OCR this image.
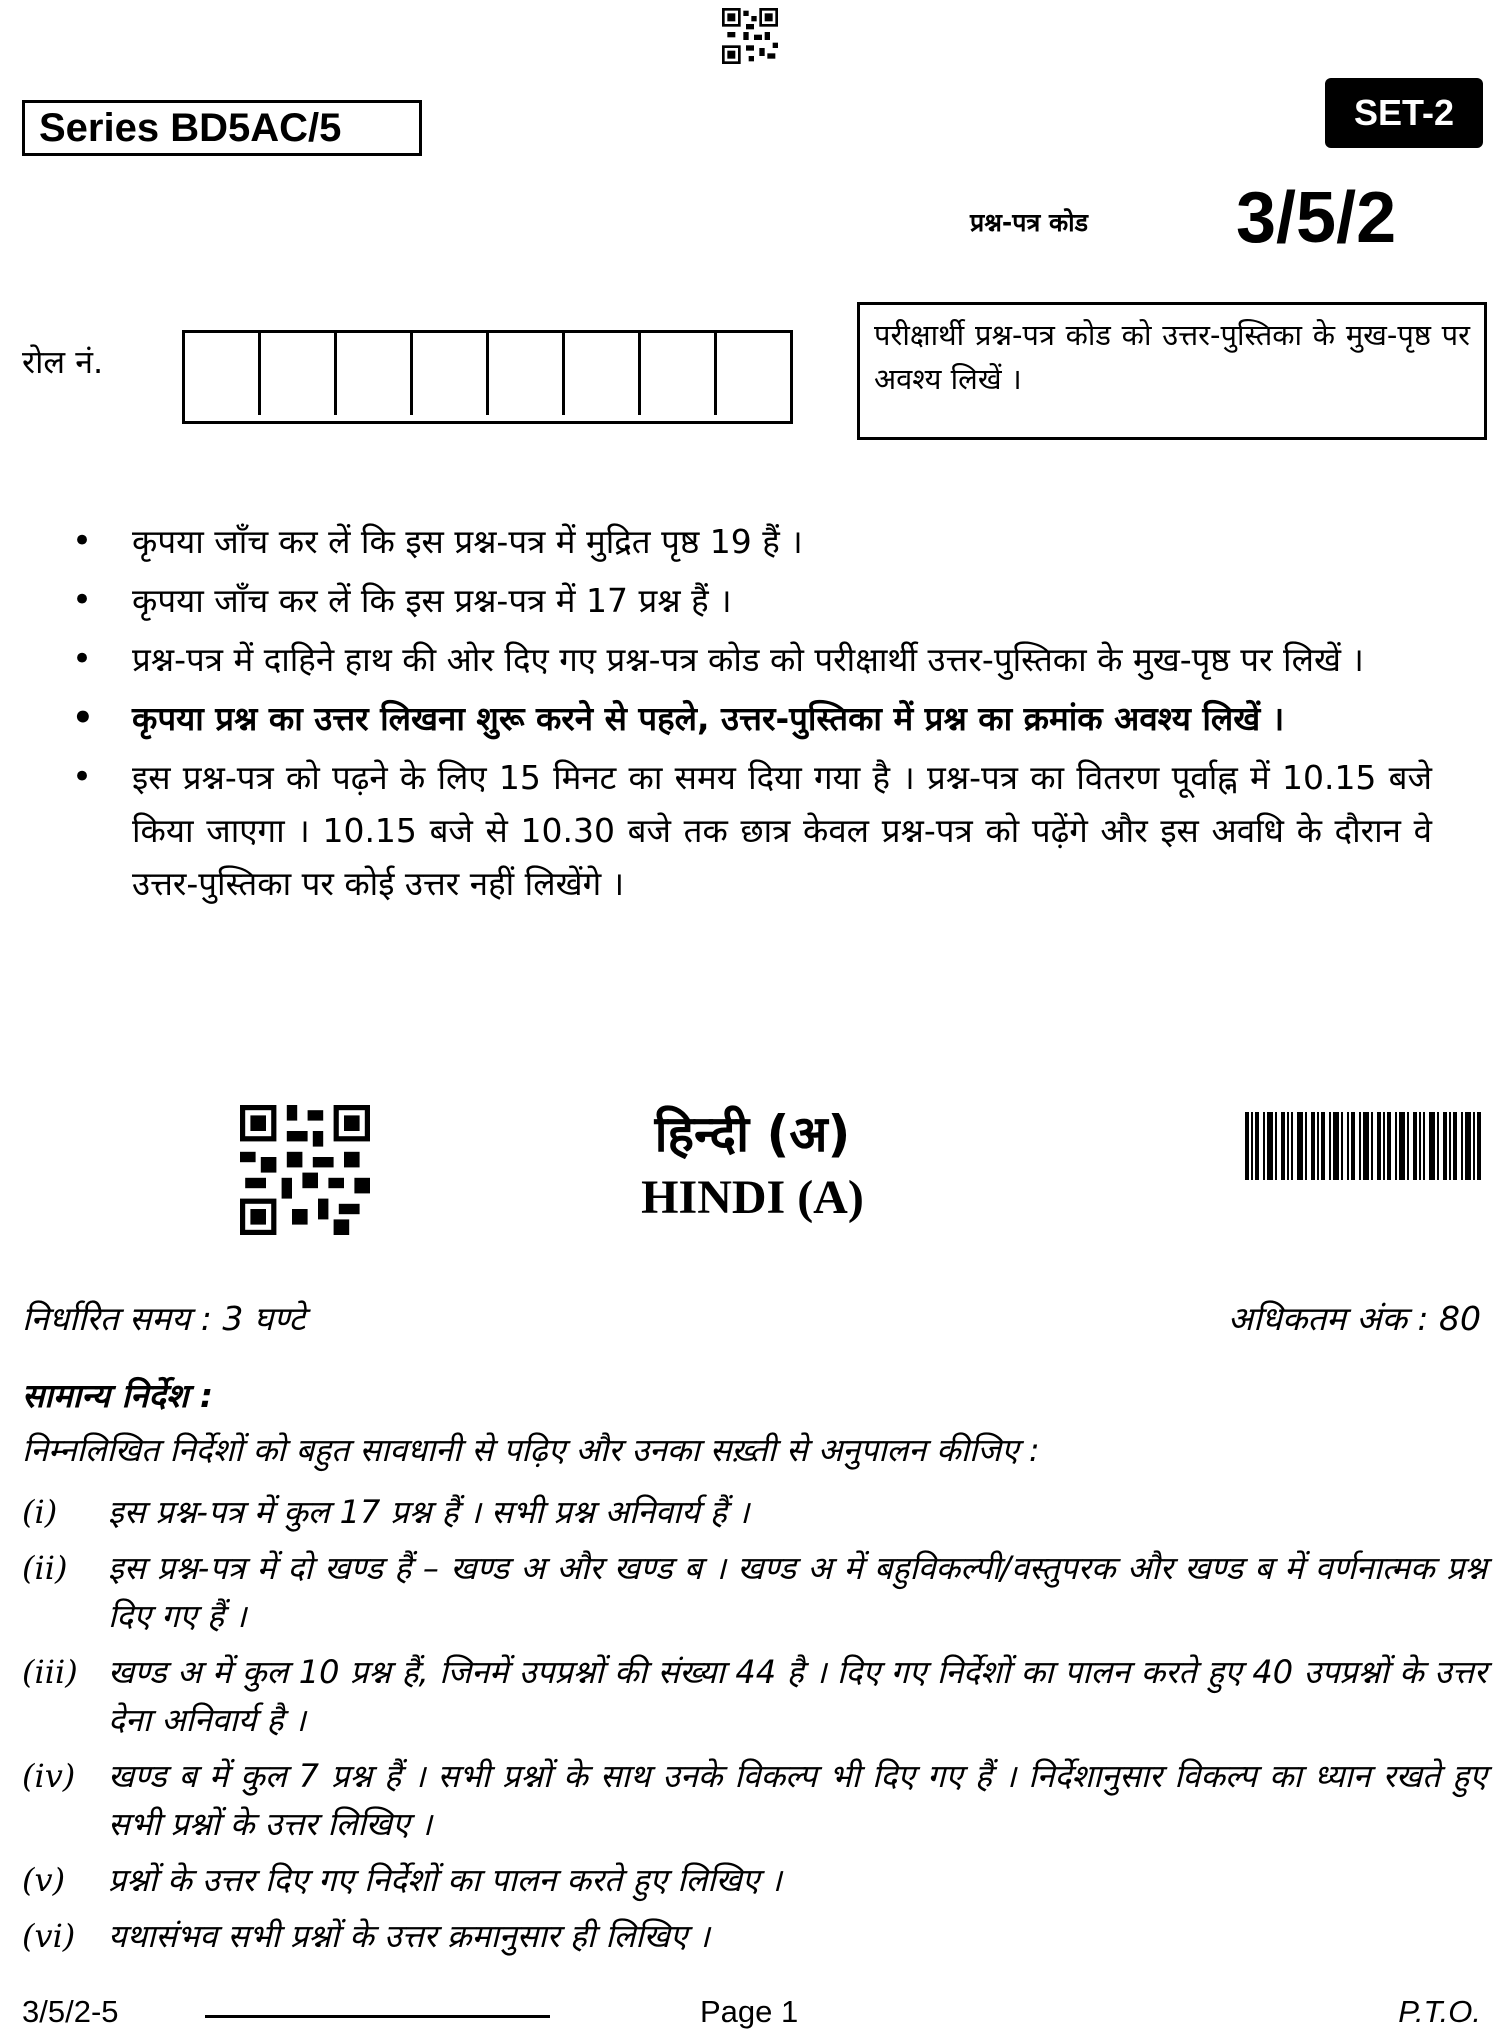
Series BD5AC/5	SET-2
प्रश्न-पत्र कोड 3/5/2
रोल नं.
परीक्षार्थी प्रश्न-पत्र कोड को उत्तर-पुस्तिका के मुख-पृष्ठ पर अवश्य लिखें ।
• कृपया जाँच कर लें कि इस प्रश्न-पत्र में मुद्रित पृष्ठ 19 हैं ।
• कृपया जाँच कर लें कि इस प्रश्न-पत्र में 17 प्रश्न हैं ।
• प्रश्न-पत्र में दाहिने हाथ की ओर दिए गए प्रश्न-पत्र कोड को परीक्षार्थी उत्तर-पुस्तिका के मुख-पृष्ठ पर लिखें ।
• कृपया प्रश्न का उत्तर लिखना शुरू करने से पहले, उत्तर-पुस्तिका में प्रश्न का क्रमांक अवश्य लिखें ।
• इस प्रश्न-पत्र को पढ़ने के लिए 15 मिनट का समय दिया गया है । प्रश्न-पत्र का वितरण पूर्वाह्न में 10.15 बजे किया जाएगा । 10.15 बजे से 10.30 बजे तक छात्र केवल प्रश्न-पत्र को पढ़ेंगे और इस अवधि के दौरान वे उत्तर-पुस्तिका पर कोई उत्तर नहीं लिखेंगे ।
हिन्दी (अ)
HINDI (A)
निर्धारित समय : 3 घण्टे	अधिकतम अंक : 80
सामान्य निर्देश :
निम्नलिखित निर्देशों को बहुत सावधानी से पढ़िए और उनका सख़्ती से अनुपालन कीजिए :
(i)	इस प्रश्न-पत्र में कुल 17 प्रश्न हैं । सभी प्रश्न अनिवार्य हैं ।
(ii)	इस प्रश्न-पत्र में दो खण्ड हैं – खण्ड अ और खण्ड ब । खण्ड अ में बहुविकल्पी/वस्तुपरक और खण्ड ब में वर्णनात्मक प्रश्न दिए गए हैं ।
(iii) खण्ड अ में कुल 10 प्रश्न हैं, जिनमें उपप्रश्नों की संख्या 44 है । दिए गए निर्देशों का पालन करते हुए 40 उपप्रश्नों के उत्तर देना अनिवार्य है ।
(iv)	खण्ड ब में कुल 7 प्रश्न हैं । सभी प्रश्नों के साथ उनके विकल्प भी दिए गए हैं । निर्देशानुसार विकल्प का ध्यान रखते हुए सभी प्रश्नों के उत्तर लिखिए ।
(v)	प्रश्नों के उत्तर दिए गए निर्देशों का पालन करते हुए लिखिए ।
(vi)	यथासंभव सभी प्रश्नों के उत्तर क्रमानुसार ही लिखिए ।
3/5/2-5	Page 1	P.T.O.
